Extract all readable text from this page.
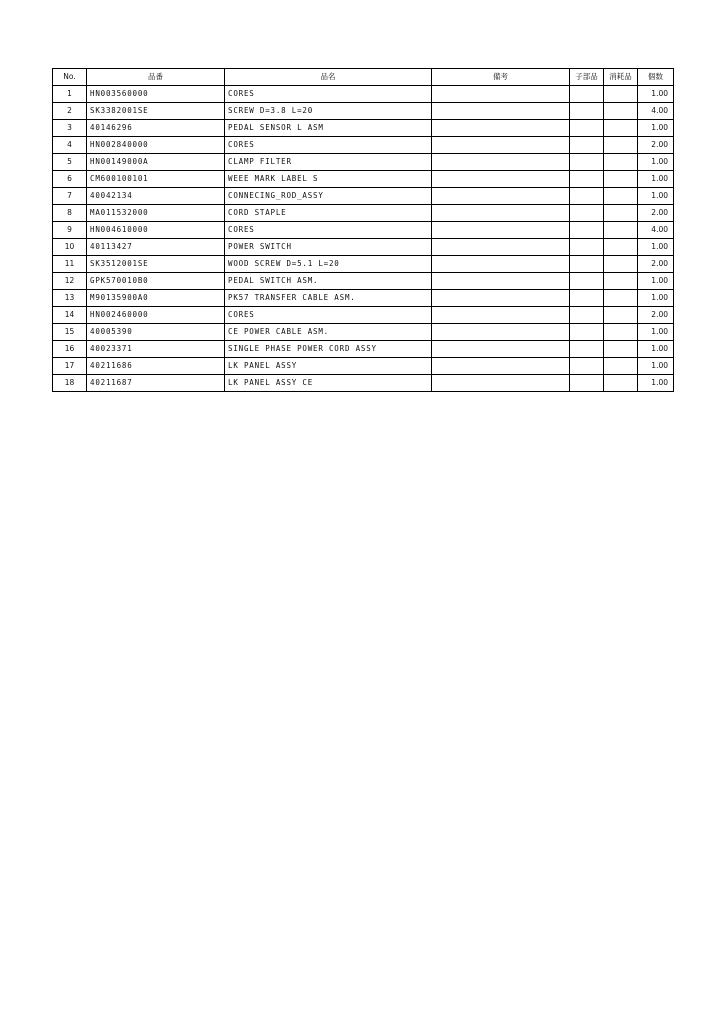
No.	品番	品名	備考	子部品	消耗品	個数
1	HN003560000	CORES				1.00
2	SK3382001SE	SCREW D=3.8 L=20				4.00
3	40146296	PEDAL SENSOR L ASM				1.00
4	HN002840000	CORES				2.00
5	HN00149000A	CLAMP FILTER				1.00
6	CM600100101	WEEE MARK LABEL S				1.00
7	40042134	CONNECING_ROD_ASSY				1.00
8	MA011532000	CORD STAPLE				2.00
9	HN004610000	CORES				4.00
10	40113427	POWER SWITCH				1.00
11	SK3512001SE	WOOD SCREW D=5.1 L=20				2.00
12	GPK570010B0	PEDAL SWITCH ASM.				1.00
13	M90135900A0	PK57 TRANSFER CABLE ASM.				1.00
14	HN002460000	CORES				2.00
15	40005390	CE POWER CABLE ASM.				1.00
16	40023371	SINGLE PHASE POWER CORD ASSY				1.00
17	40211686	LK PANEL ASSY				1.00
18	40211687	LK PANEL ASSY CE				1.00
